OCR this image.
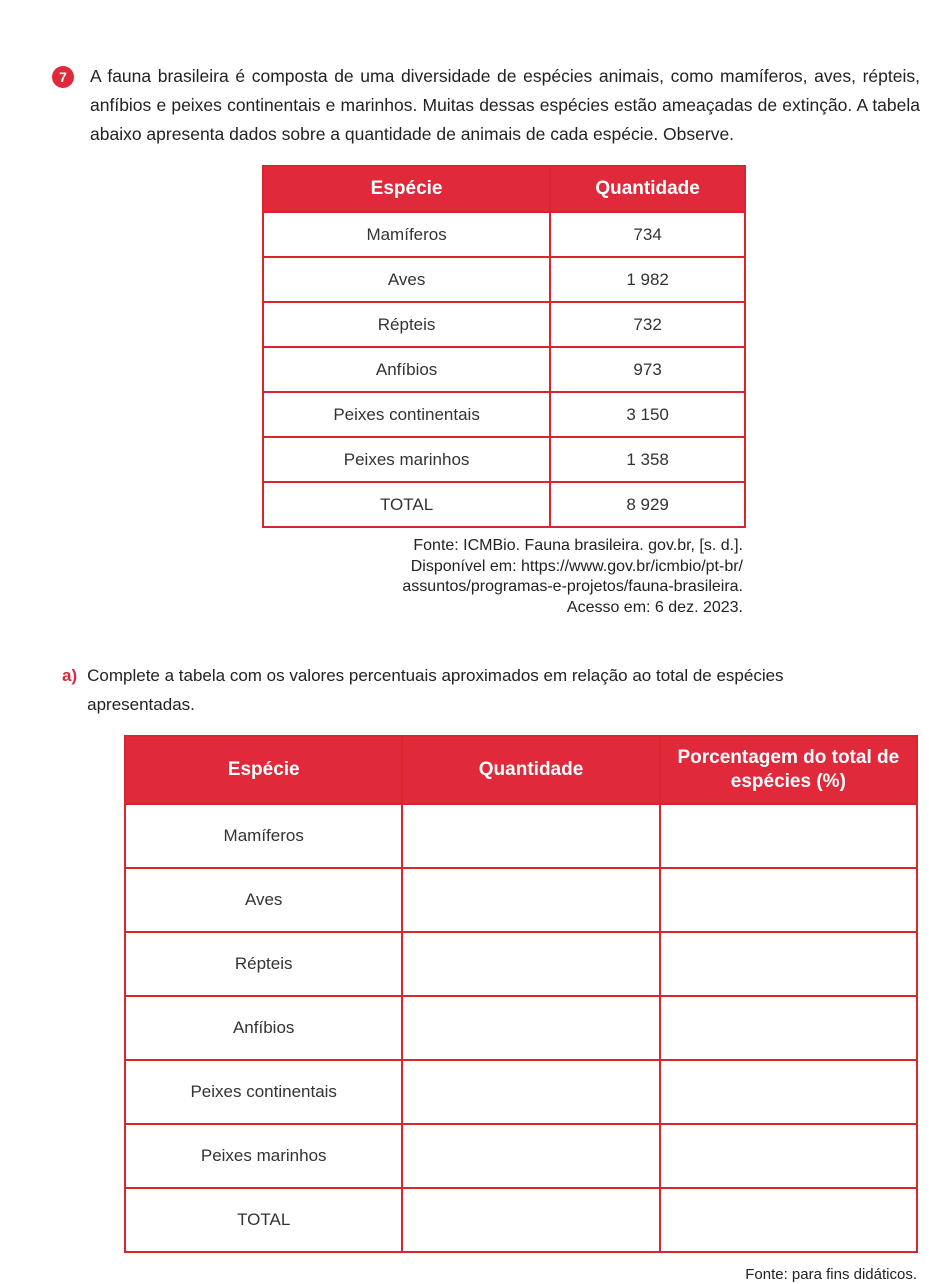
7	A fauna brasileira é composta de uma diversidade de espécies animais, como mamíferos, aves, répteis, anfíbios e peixes continentais e marinhos. Muitas dessas espécies estão ameaçadas de extinção. A tabela abaixo apresenta dados sobre a quantidade de animais de cada espécie. Observe.
Espécie	Quantidade
Mamíferos	734
Aves	1 982
Répteis	732
Anfíbios	973
Peixes continentais	3 150
Peixes marinhos	1 358
TOTAL	8 929
Fonte: ICMBio. Fauna brasileira. gov.br, [s. d.].
Disponível em: https://www.gov.br/icmbio/pt-br/
assuntos/programas-e-projetos/fauna-brasileira.
Acesso em: 6 dez. 2023.
a) Complete a tabela com os valores percentuais aproximados em relação ao total de espécies apresentadas.
Espécie	Quantidade	Porcentagem do total de espécies (%)
Mamíferos		
Aves		
Répteis		
Anfíbios		
Peixes continentais		
Peixes marinhos		
TOTAL		
Fonte: para fins didáticos.
